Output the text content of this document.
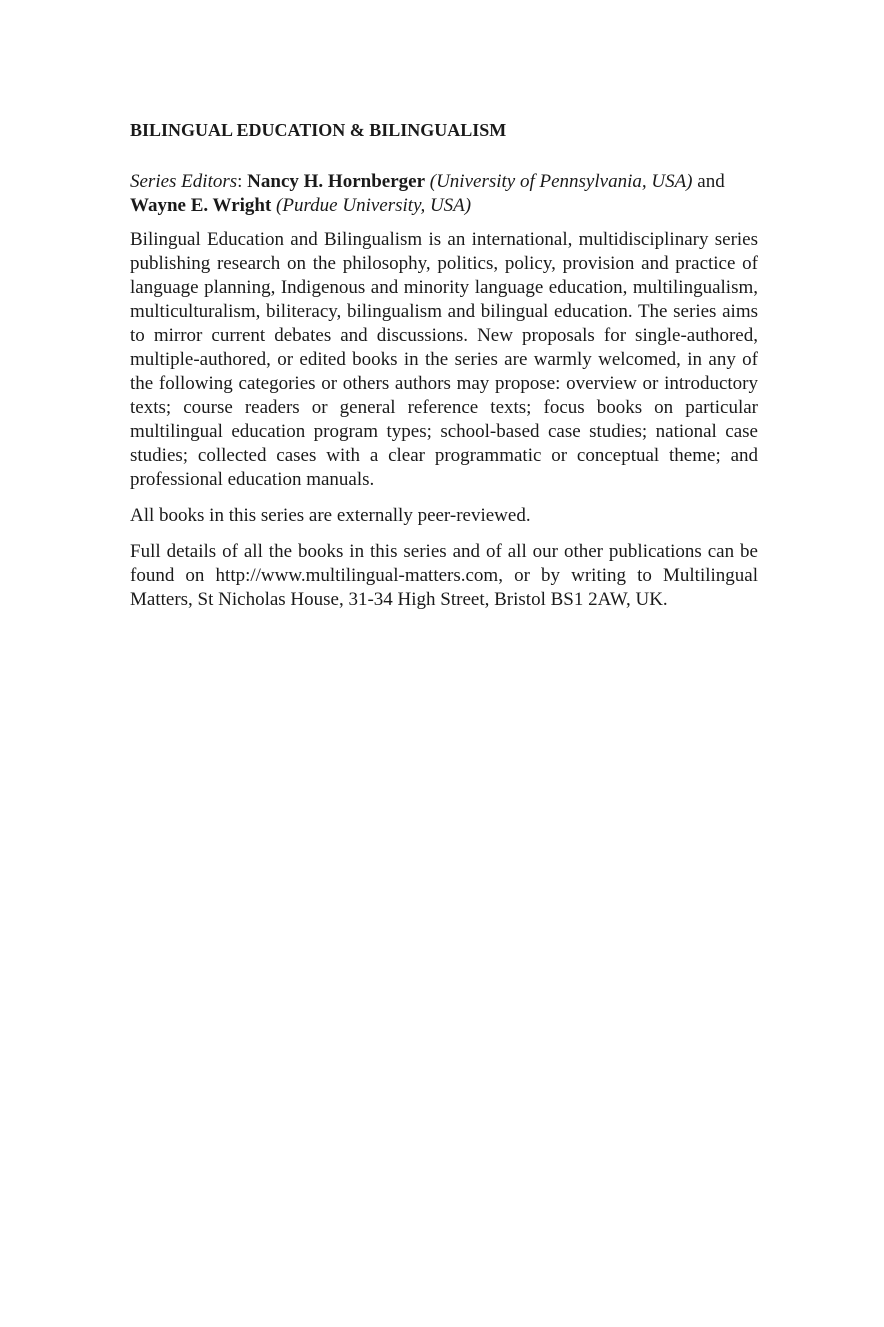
BILINGUAL EDUCATION & BILINGUALISM
Series Editors: Nancy H. Hornberger (University of Pennsylvania, USA) and Wayne E. Wright (Purdue University, USA)

Bilingual Education and Bilingualism is an international, multidisciplinary series publishing research on the philosophy, politics, policy, provision and practice of language planning, Indigenous and minority language education, multilingualism, multiculturalism, biliteracy, bilingualism and bilingual education. The series aims to mirror current debates and discussions. New proposals for single-authored, multiple-authored, or edited books in the series are warmly welcomed, in any of the following categories or others authors may propose: overview or introductory texts; course readers or general reference texts; focus books on particular multilingual education program types; school-based case studies; national case studies; collected cases with a clear programmatic or conceptual theme; and professional education manuals.

All books in this series are externally peer-reviewed.

Full details of all the books in this series and of all our other publications can be found on http://www.multilingual-matters.com, or by writing to Multilingual Matters, St Nicholas House, 31-34 High Street, Bristol BS1 2AW, UK.
